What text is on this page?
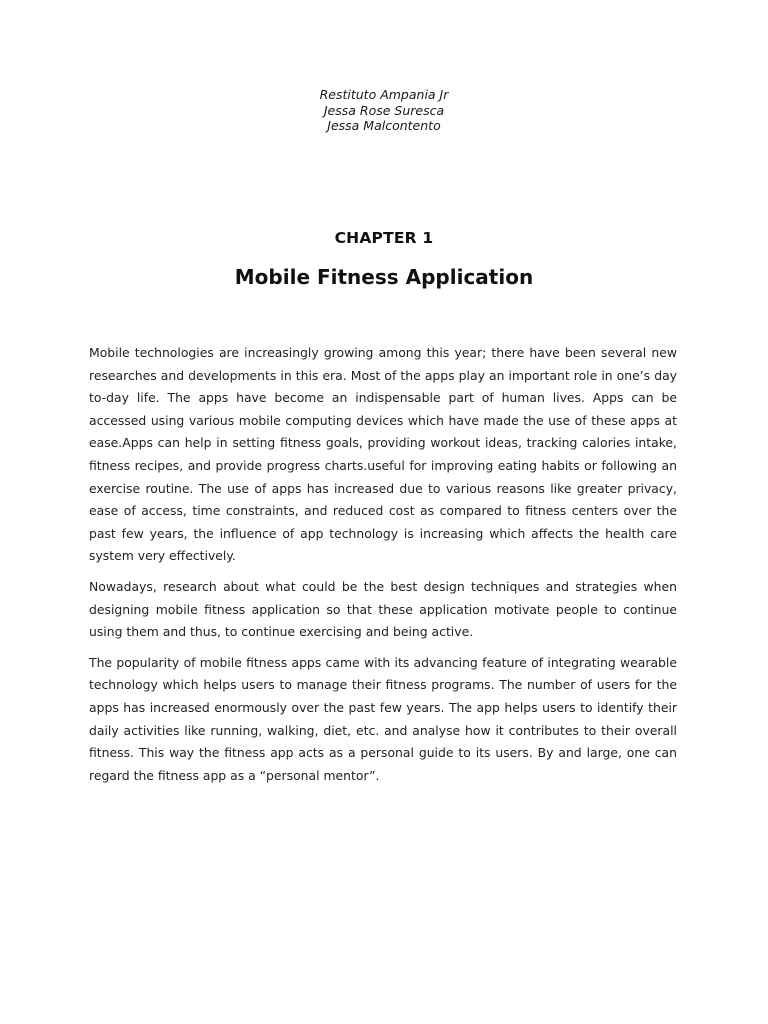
Restituto Ampania Jr
Jessa Rose Suresca
Jessa Malcontento
CHAPTER 1
Mobile Fitness Application

Mobile technologies are increasingly growing among this year; there have been several new researches and developments in this era. Most of the apps play an important role in one’s day to-day life. The apps have become an indispensable part of human lives. Apps can be accessed using various mobile computing devices which have made the use of these apps at ease.Apps can help in setting fitness goals, providing workout ideas, tracking calories intake, fitness recipes, and provide progress charts.useful for improving eating habits or following an exercise routine. The use of apps has increased due to various reasons like greater privacy, ease of access, time constraints, and reduced cost as compared to fitness centers over the past few years, the influence of app technology is increasing which affects the health care system very effectively.

Nowadays, research about what could be the best design techniques and strategies when designing mobile fitness application so that these application motivate people to continue using them and thus, to continue exercising and being active.

The popularity of mobile fitness apps came with its advancing feature of integrating wearable technology which helps users to manage their fitness programs. The number of users for the apps has increased enormously over the past few years. The app helps users to identify their daily activities like running, walking, diet, etc. and analyse how it contributes to their overall fitness. This way the fitness app acts as a personal guide to its users. By and large, one can regard the fitness app as a “personal mentor”.
